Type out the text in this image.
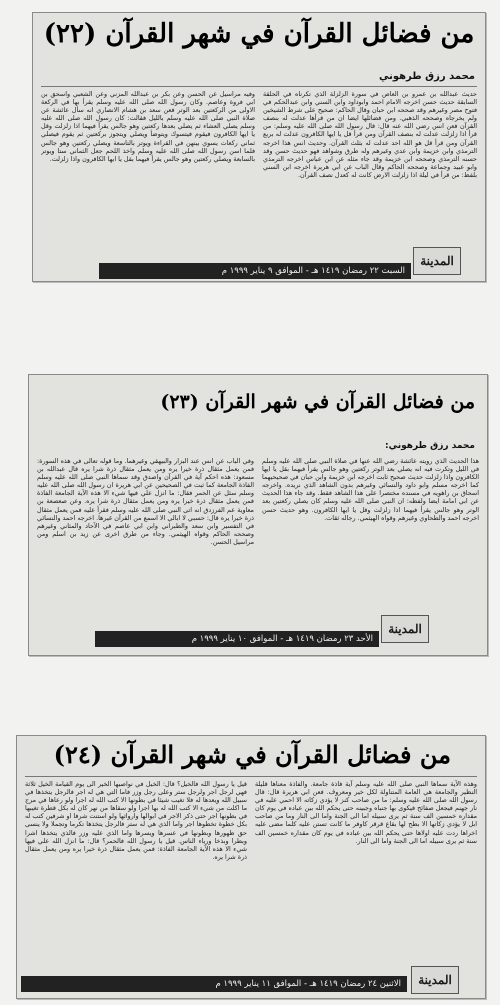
من فضائل القرآن في شهر القرآن (٢٢)
محمد رزق طرهوني
حديث عبدالله بن عمرو بن العاص في سورة الزلزلة الذي تكرناه في الحلقة السابقة حديث حسن اخرجه الامام احمد وابوداود وابن السني وابن عبدالحكم في فتوح مصر وغيرهم وقد صححه ابن حبان وقال الحاكم: صحيح على شرط الشيخين ولم يخرجاه وصححه الذهبي. ومن فضائلها ايضا ان من قرأها عدلت له بنصف القرآن فعن انس رضي الله عنه قال: قال رسول الله صلى الله عليه وسلم: من قرأ اذا زلزلت عدلت له بنصف القرآن ومن قرأ قل يا ايها الكافرون عدلت له بربع القرآن ومن قرأ قل هو الله احد عدلت له بثلث القرآن. وحديث انس هذا اخرجه الترمذي وابن خزيمة وابن عدي وغيرهم وله طرق وشواهد فهو حديث حسن وقد حسنه الترمذي وصححه ابن خزيمة وقد جاء مثله عن ابن عباس اخرجه الترمذي وابو عبيد وجماعة وصححه الحاكم وقال الباب عن ابي هريرة اخرجه ابن السني بلفظ: من قرأ في ليلة اذا زلزلت الارض كانت له كعدل نصف القرآن.
وفيه مراسيل عن الحسن وعن بكر بن عبدالله المزني وعن الشعبي واسحق بن ابي فروة وعاصم. وكان رسول الله صلى الله عليه وسلم يقرأ بها في الركعة الاولى من الركعتين بعد الوتر فعن سعد بن هشام الانصاري انه سأل عائشة عن صلاة النبي صلى الله عليه وسلم بالليل فقالت: كان رسول الله صلى الله عليه وسلم يصلي العشاء ثم يصلي بعدها ركعتين وهو جالس يقرأ فيهما اذا زلزلت وقل يا ايها الكافرون فيقوم فيتسوك ويتوضأ ويصلي ويتجوز بركعتين ثم يقوم فيصلي ثماني ركعات يسوي بينهن في القراءة ويوتر بالتاسعة ويصلي ركعتين وهو جالس فلما اسن رسول الله صلى الله عليه وسلم واخذ اللحم جعل الثماني ستا ويوتر بالسابعة ويصلي ركعتين وهو جالس يقرأ فيهما بقل يا ايها الكافرون واذا زلزلت.
المدينة
السبت ٢٢ رمضان ١٤١٩ هـ - الموافق ٩ يناير ١٩٩٩ م
من فضائل القرآن في شهر القرآن (٢٣)
محمد رزق طرهوني:
هذا الحديث الذي رويته عائشة رضي الله عنها في صلاة النبي صلى الله عليه وسلم في الليل وتكرت فيه انه يصلي بعد الوتر ركعتين وهو جالس يقرأ فيهما بقل يا ايها الكافرون واذا زلزلت حديث صحيح ثابت اخرجه ابن خزيمة وابن حبان في صحيحيهما كما اخرجه مسلم وابو داود والنسائي وغيرهم بدون الشاهد الذي نريده. واخرجه اسحاق بن راهويه في مسنده مختصرا على هذا الشاهد فقط. وقد جاء هذا الحديث عن ابي امامة ايضا ولفظه: ان النبي صلى الله عليه وسلم كان يصلي ركعتين بعد الوتر وهو جالس يقرأ فيهما اذا زلزلت وقل يا ايها الكافرون. وهو حديث حسن اخرجه احمد والطحاوي وغيرهم وقواه الهيثمي. رجاله ثقات.
وفي الباب عن انس عند البزار والبيهقي وغيرهما. وما قوله تعالى في هذه السورة: فمن يعمل مثقال ذرة خيرا يره ومن يعمل مثقال ذرة شرا يره قال عبدالله بن مسعود: هذه احكم آية في القرآن واصدق وقد سماها النبي صلى الله عليه وسلم الفاذة الجامعة كما ثبت في الصحيحين عن ابي هريرة ان رسول الله صلى الله عليه وسلم سئل عن الحمر فقال: ما انزل علي فيها شيء الا هذه الآية الجامعة الفاذة فمن يعمل مثقال ذرة خيرا يره ومن يعمل مثقال ذرة شرا يره. وعن صعصعة بن معاوية عم الفرزدق انه اتى النبي صلى الله عليه وسلم فقرأ عليه فمن يعمل مثقال ذرة خيرا يره قال: حسبي لا ابالي الا اسمع من القرآن غيرها. اخرجه احمد والنسائي في التفسير وابن سعد والطبراني وابن ابي عاصم في الآحاد والمثاني وغيرهم وصححه الحاكم وقواه الهيثمي. وجاء من طرق اخرى عن زيد بن اسلم ومن مراسيل الحسن.
المدينة
الأحد ٢٣ رمضان ١٤١٩ هـ - الموافق ١٠ يناير ١٩٩٩ م
من فضائل القرآن في شهر القرآن (٢٤)
وهذه الآية سماها النبي صلى الله عليه وسلم آية فاذة جامعة. والفاذة معناها قليلة النظير والجامعة هي العامة المتناولة لكل خير ومعروف. فعن ابي هريرة قال: قال رسول الله صلى الله عليه وسلم: ما من صاحب كنز لا يؤدي زكاته الا احمي عليه في نار جهنم فيجعل صفائح فيكوى بها جنباه وجبينه حتى يحكم الله بين عباده في يوم كان مقداره خمسين الف سنة ثم يرى سبيله اما الى الجنة واما الى النار وما من صاحب ابل لا يؤدي زكاتها الا بطح لها بقاع قرقر كاوفر ما كانت تستن عليه كلما مضى عليه اخراها ردت عليه اولاها حتى يحكم الله بين عباده في يوم كان مقداره خمسين الف سنة ثم يرى سبيله اما الى الجنة واما الى النار.
قيل يا رسول الله فالخيل؟ قال: الخيل في نواصيها الخير الى يوم القيامة الخيل ثلاثة فهي لرجل اجر ولرجل ستر وعلى رجل وزر فاما التي هي له اجر فالرجل يتخذها في سبيل الله ويعدها له فلا تغيب شيئا في بطونها الا كتب الله له اجرا ولو رعاها في مرج ما اكلت من شيء الا كتب الله له بها اجرا ولو سقاها من نهر كان له بكل قطرة تغيبها في بطونها اجر حتى ذكر الاجر في ابوالها وارواثها ولو استنت شرفا او شرفين كتب له بكل خطوة تخطوها اجر واما الذي هي له ستر فالرجل يتخذها تكرما وتجملا ولا ينسى حق ظهورها وبطونها في عسرها ويسرها واما الذي عليه وزر فالذي يتخذها اشرا وبطرا وبذخا ورياء الناس. قيل يا رسول الله فالحمر؟ قال: ما انزل الله علي فيها شيء الا هذه الآية الجامعة الفاذة: فمن يعمل مثقال ذرة خيرا يره ومن يعمل مثقال ذرة شرا يره.
المدينة
الاثنين ٢٤ رمضان ١٤١٩ هـ - الموافق ١١ يناير ١٩٩٩ م
